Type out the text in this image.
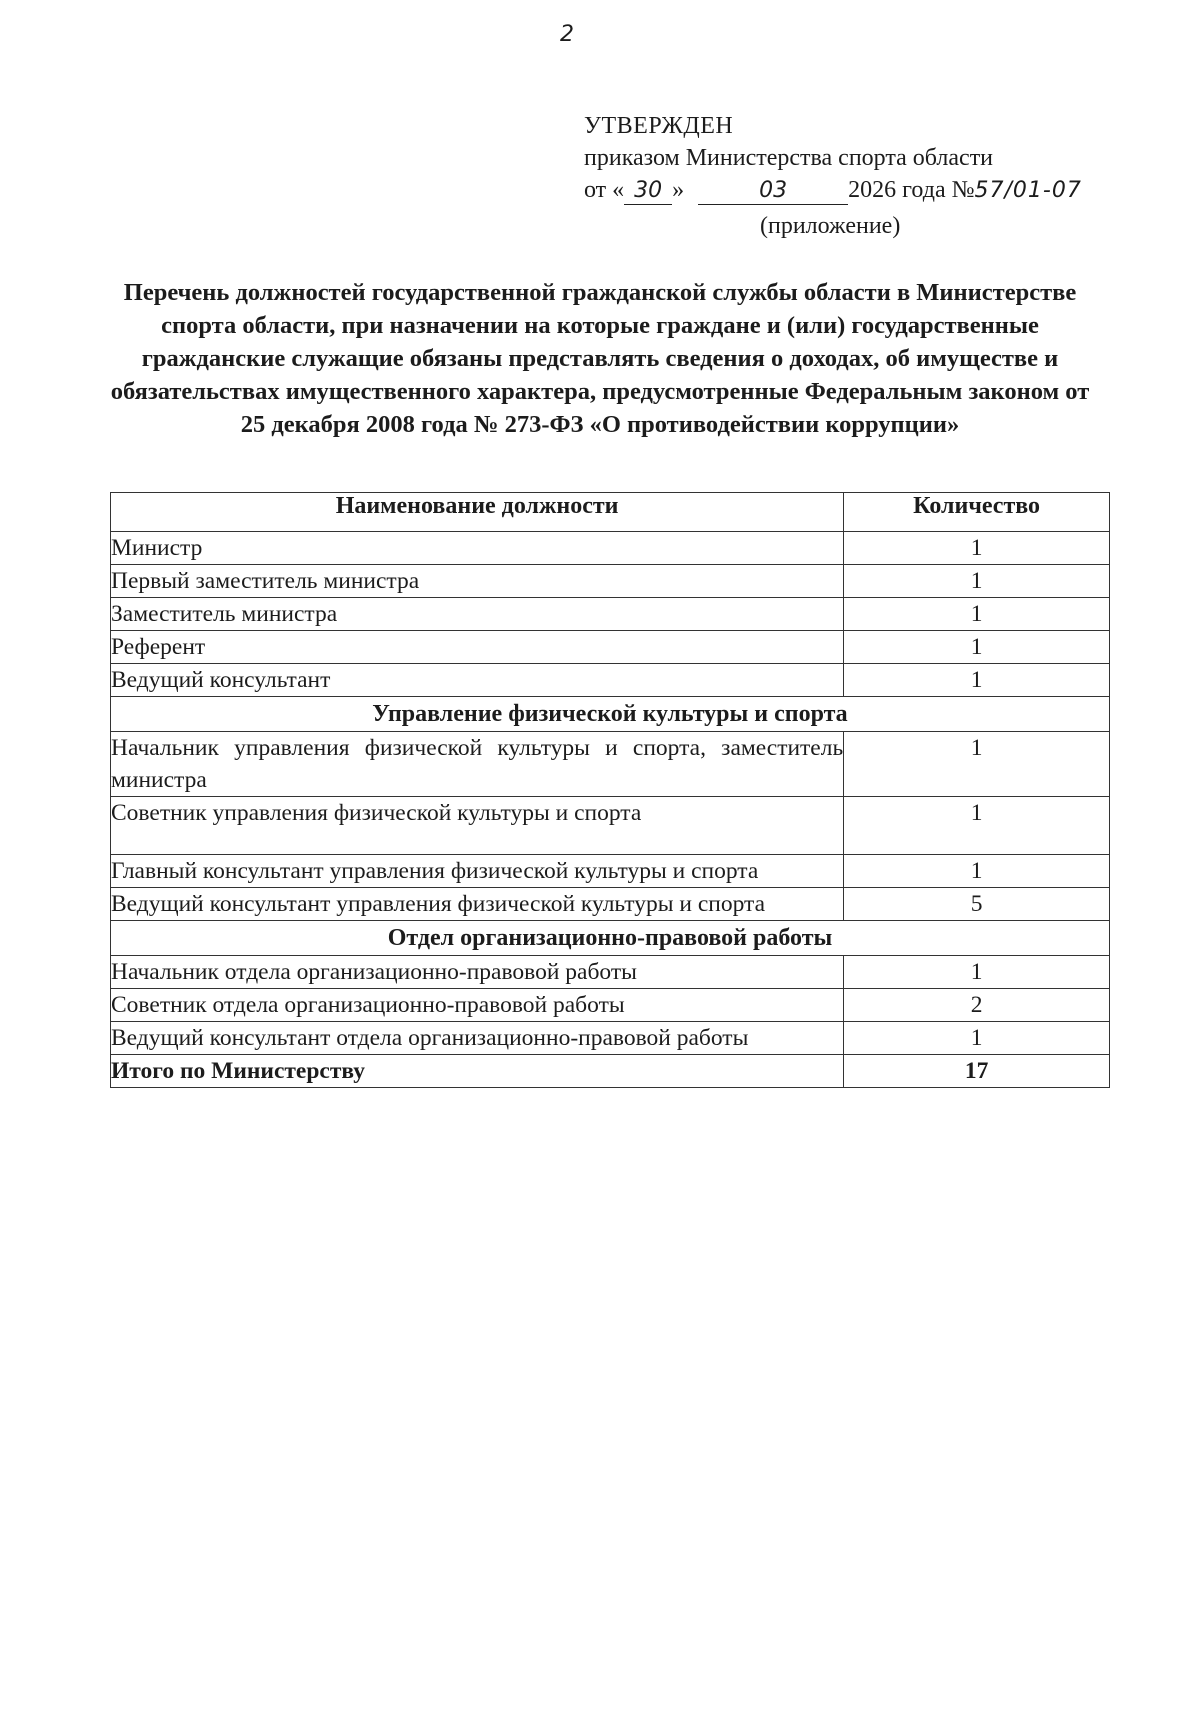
2
УТВЕРЖДЕН
приказом Министерства спорта области
от « 30 »	03	2026 года №57/01-07
(приложение)
Перечень должностей государственной гражданской службы области в Министерстве спорта области, при назначении на которые граждане и (или) государственные гражданские служащие обязаны представлять сведения о доходах, об имуществе и обязательствах имущественного характера, предусмотренные Федеральным законом от 25 декабря 2008 года № 273-ФЗ «О противодействии коррупции»
Наименование должности	Количество
Министр	1
Первый заместитель министра	1
Заместитель министра	1
Референт	1
Ведущий консультант	1
Управление физической культуры и спорта	
Начальник управления физической культуры и спорта, заместитель министра	1
Советник управления физической культуры и спорта	1
Главный консультант управления физической культуры и спорта	1
Ведущий консультант управления физической культуры и спорта	5
Отдел организационно-правовой работы	
Начальник отдела организационно-правовой работы	1
Советник отдела организационно-правовой работы	2
Ведущий консультант отдела организационно-правовой работы	1
Итого по Министерству	17
